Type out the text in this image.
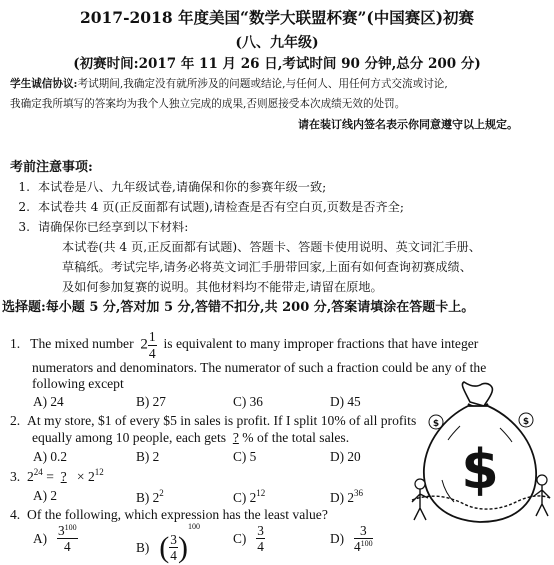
2017-2018 年度美国“数学大联盟杯赛”(中国赛区)初赛
(八、九年级)
(初赛时间:2017 年 11 月 26 日,考试时间 90 分钟,总分 200 分)
学生诚信协议:考试期间,我确定没有就所涉及的问题或结论,与任何人、用任何方式交流或讨论,
我确定我所填写的答案均为我个人独立完成的成果,否则愿接受本次成绩无效的处罚。
请在装订线内签名表示你同意遵守以上规定。
考前注意事项:
1. 本试卷是八、九年级试卷,请确保和你的参赛年级一致;
2. 本试卷共 4 页(正反面都有试题),请检查是否有空白页,页数是否齐全;
3. 请确保你已经享到以下材料:
本试卷(共 4 页,正反面都有试题)、答题卡、答题卡使用说明、英文词汇手册、
草稿纸。考试完毕,请务必将英文词汇手册带回家,上面有如何查询初赛成绩、
及如何参加复赛的说明。其他材料均不能带走,请留在原地。
选择题:每小题 5 分,答对加 5 分,答错不扣分,共 200 分,答案请填涂在答题卡上。
1. The mixed number $2 \frac{1}{4}$ is equivalent to many improper fractions that have integer
numerators and denominators. The numerator of such a fraction could be any of the
following except
A) 24	B) 27	C) 36	D) 45
2. At my store, $1 of every $5 in sales is profit. If I split 10% of all profits
equally among 10 people, each gets ? % of the total sales.
A) 0.2	B) 2	C) 5	D) 20
3. $2^{24}$ = ? × $2^{12}$
A) 2	B) $2^2$	C) $2^{12}$	D) $2^{36}$
4. Of the following, which expression has the least value?
$A) \frac{3^{100}}{4}$	B) ( $\frac{3}{4} )^{100}$
$C) \frac{3}{4}$	$D) \frac{3}{4^{100}}$
$
$	$
